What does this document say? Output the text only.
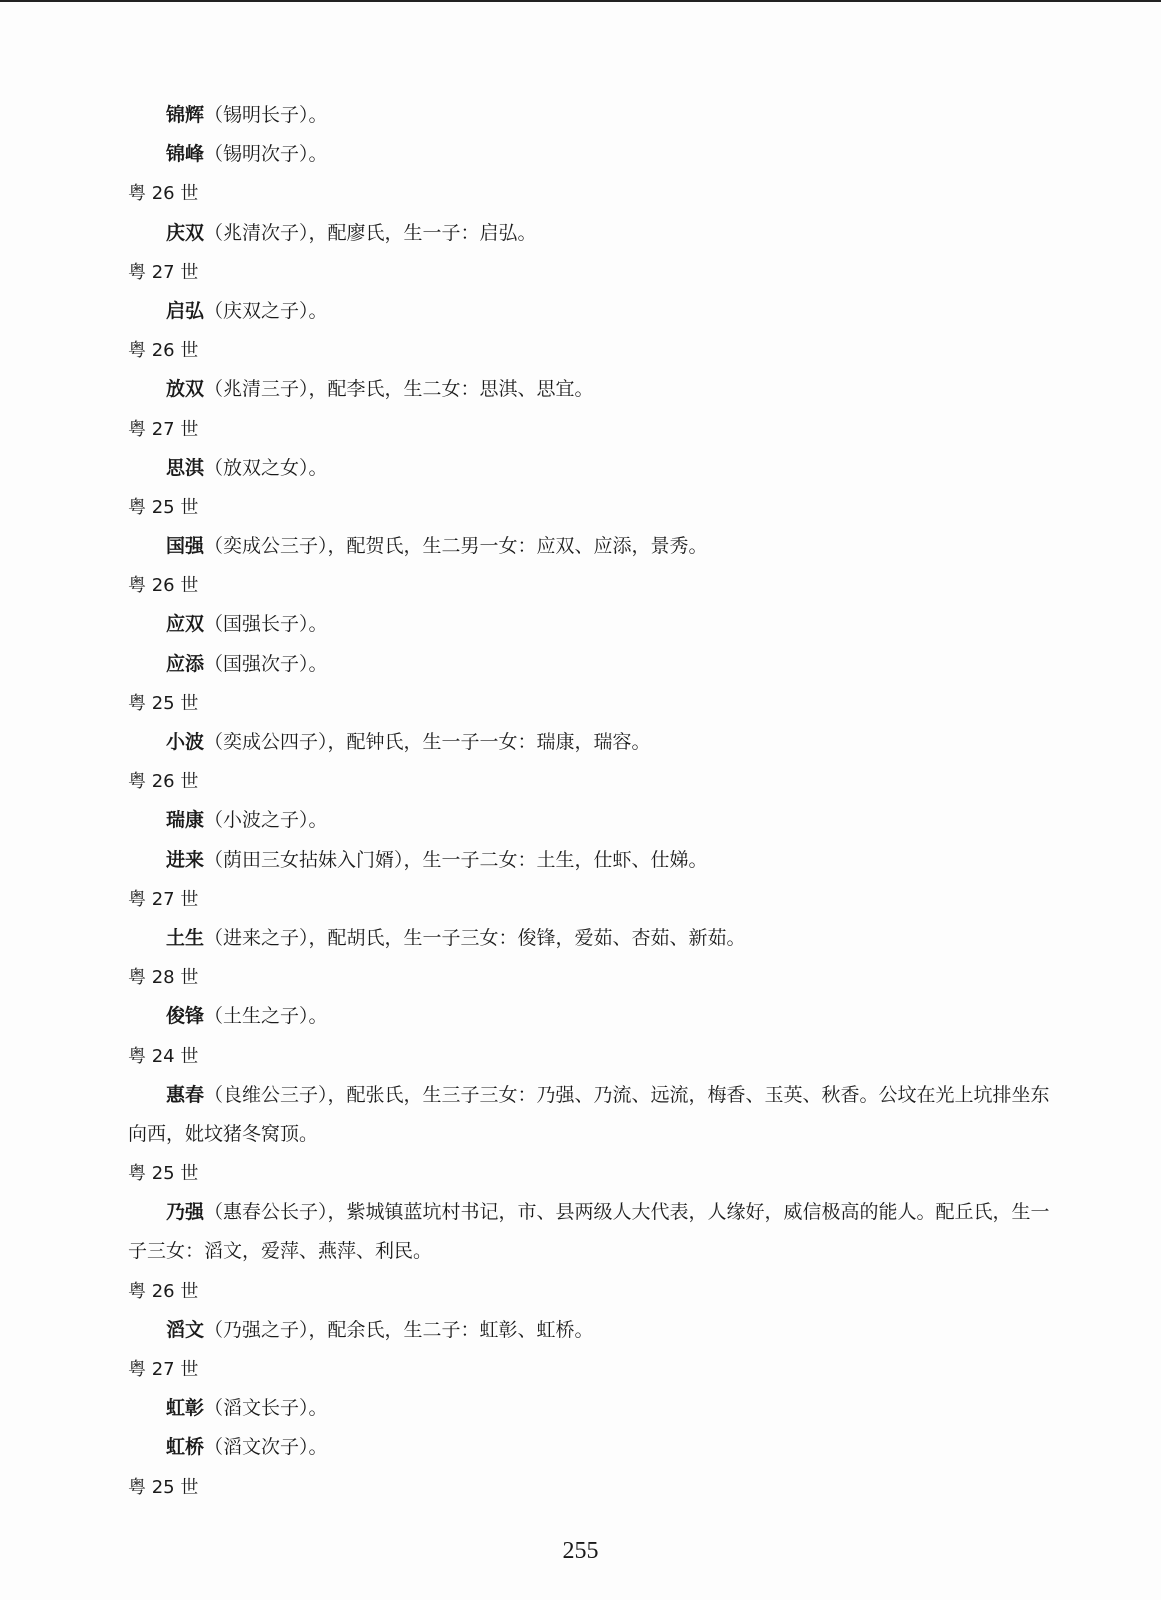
锦辉（锡明长子）。
锦峰（锡明次子）。
粤 26 世
庆双（兆清次子），配廖氏，生一子：启弘。
粤 27 世
启弘（庆双之子）。
粤 26 世
放双（兆清三子），配李氏，生二女：思淇、思宜。
粤 27 世
思淇（放双之女）。
粤 25 世
国强（奕成公三子），配贺氏，生二男一女：应双、应添，景秀。
粤 26 世
应双（国强长子）。
应添（国强次子）。
粤 25 世
小波（奕成公四子），配钟氏，生一子一女：瑞康，瑞容。
粤 26 世
瑞康（小波之子）。
进来（荫田三女拈妹入门婿），生一子二女：土生，仕虾、仕娣。
粤 27 世
土生（进来之子），配胡氏，生一子三女：俊锋，爱茹、杏茹、新茹。
粤 28 世
俊锋（土生之子）。
粤 24 世
惠春（良维公三子），配张氏，生三子三女：乃强、乃流、远流，梅香、玉英、秋香。公坟在光上坑排坐东向西，妣坟猪冬窝顶。
粤 25 世
乃强（惠春公长子），紫城镇蓝坑村书记，市、县两级人大代表，人缘好，威信极高的能人。配丘氏，生一子三女：滔文，爱萍、燕萍、利民。
粤 26 世
滔文（乃强之子），配余氏，生二子：虹彰、虹桥。
粤 27 世
虹彰（滔文长子）。
虹桥（滔文次子）。
粤 25 世
255
